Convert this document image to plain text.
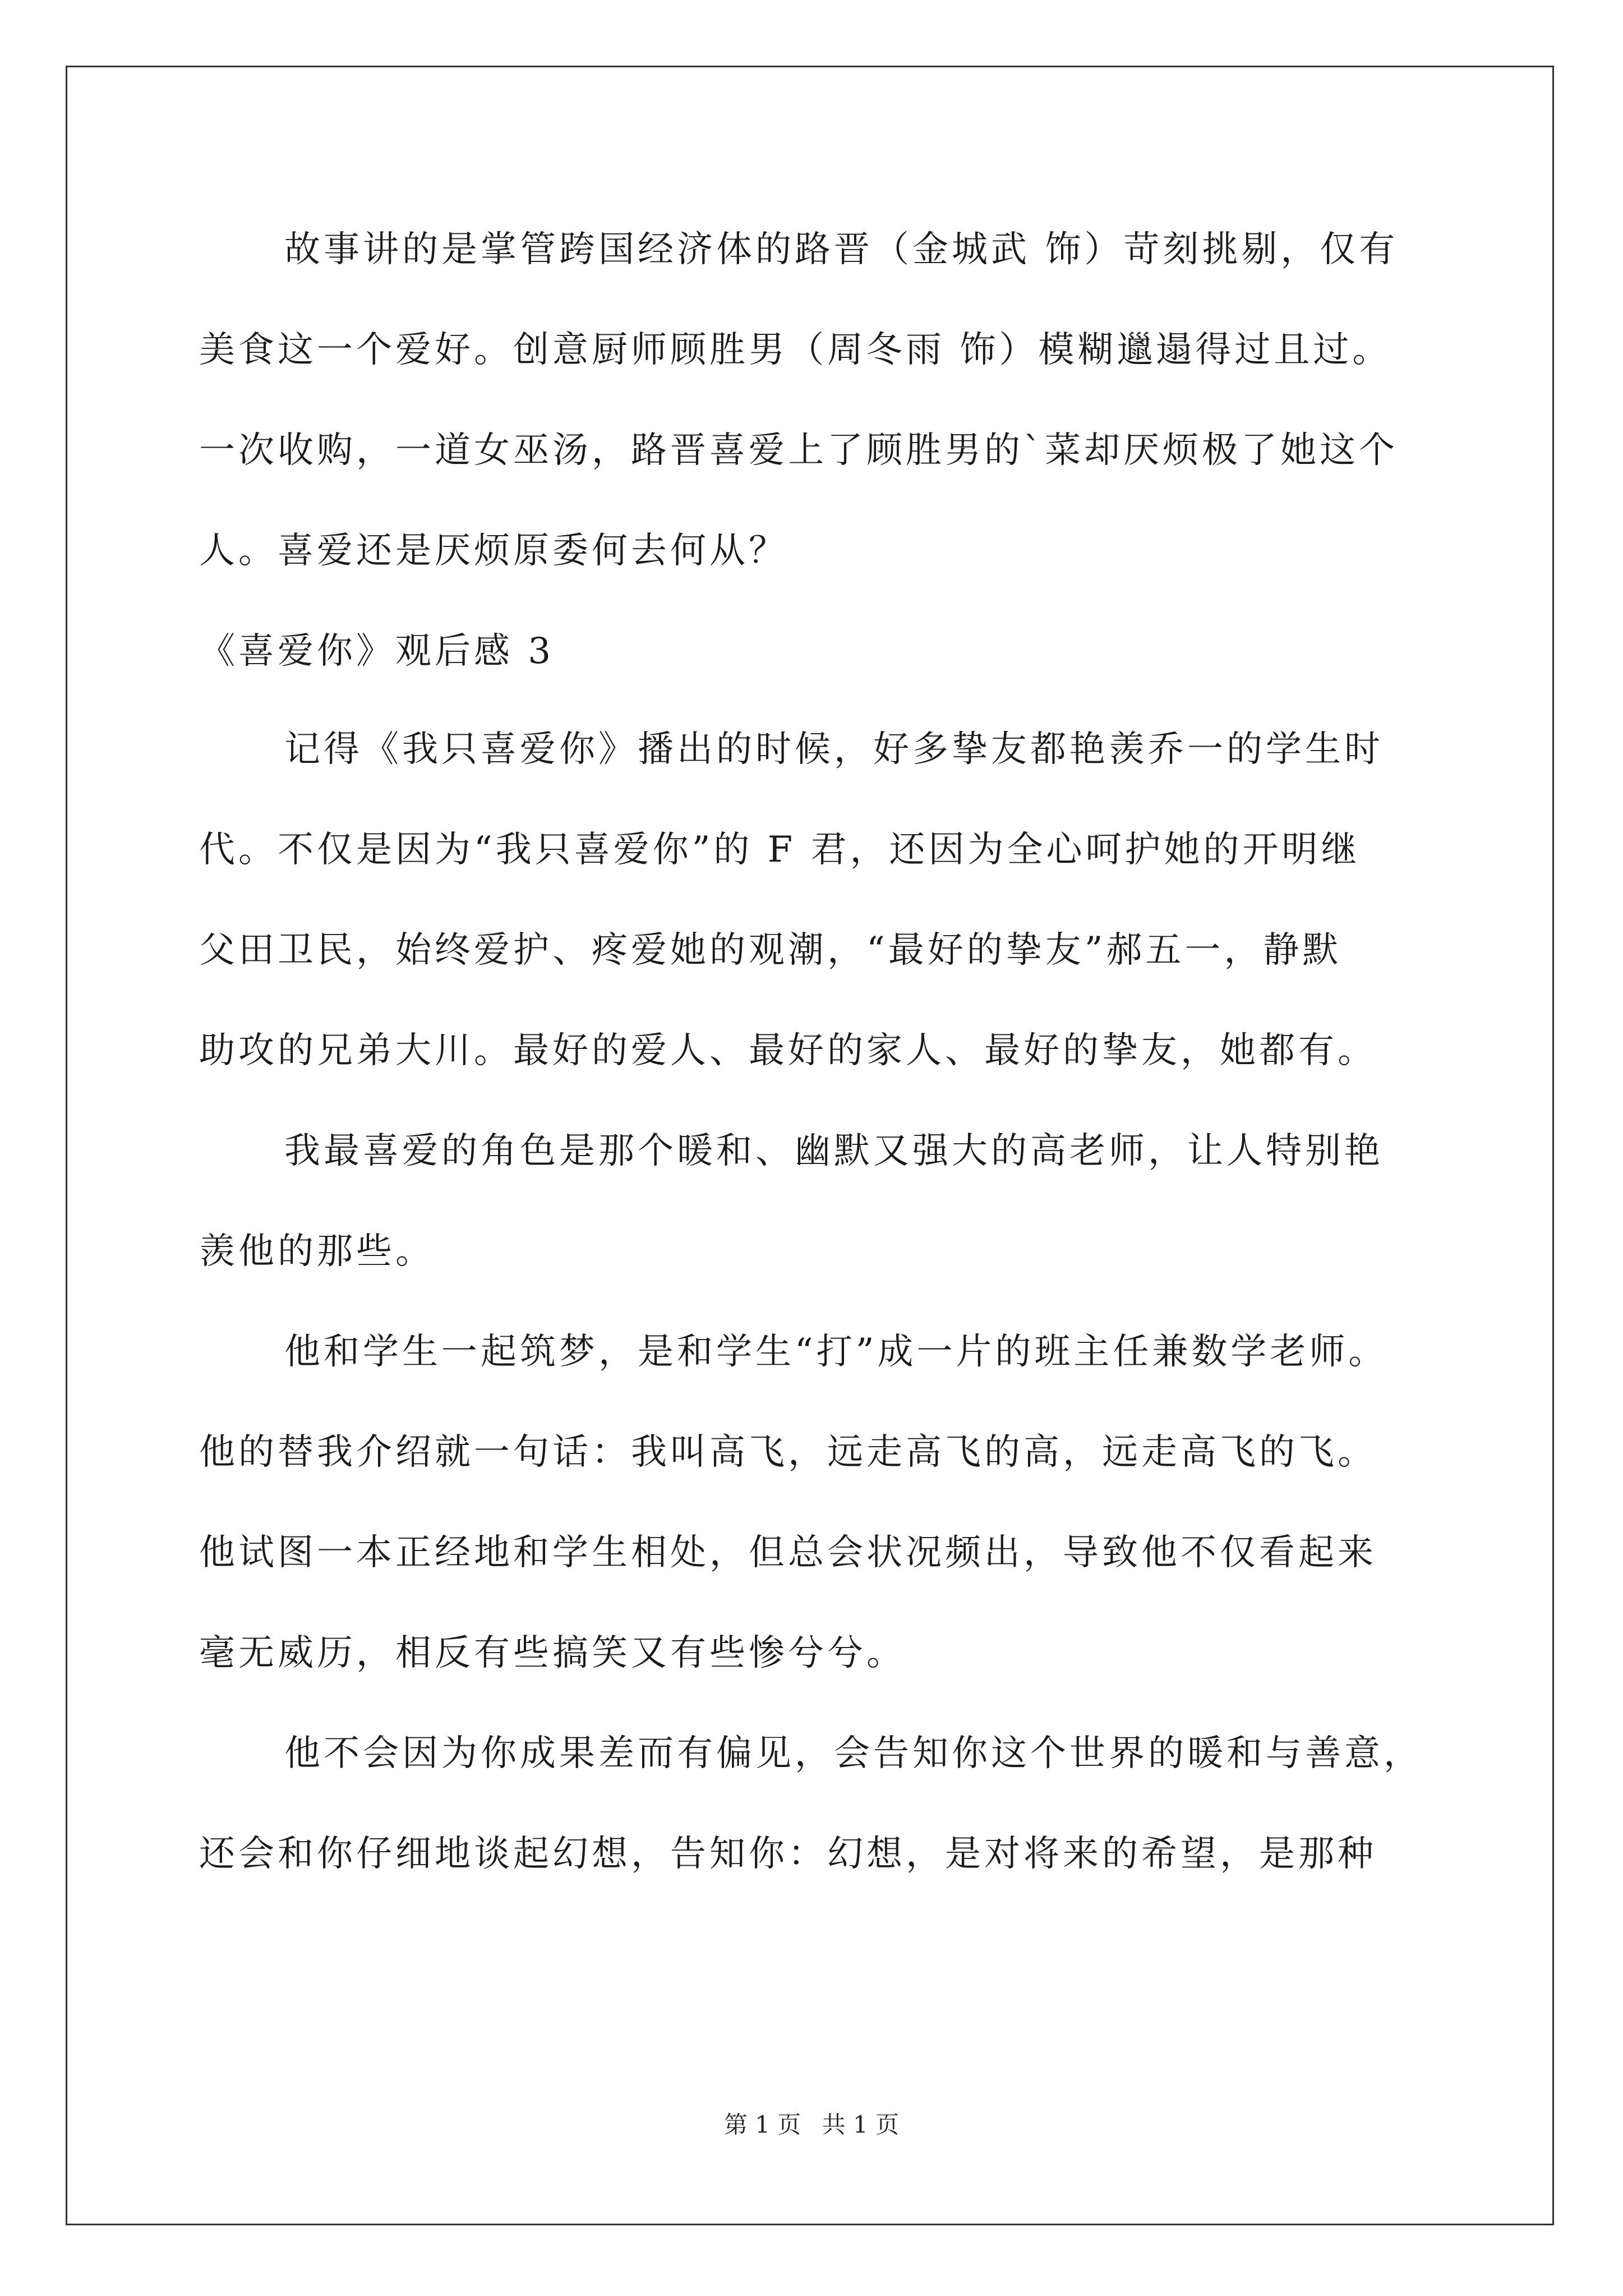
故事讲的是掌管跨国经济体的路晋（金城武 饰）苛刻挑剔，仅有
美食这一个爱好。创意厨师顾胜男（周冬雨 饰）模糊邋遢得过且过。
一次收购，一道女巫汤，路晋喜爱上了顾胜男的`菜却厌烦极了她这个
人。喜爱还是厌烦原委何去何从？
《喜爱你》观后感 3
记得《我只喜爱你》播出的时候，好多挚友都艳羡乔一的学生时
代。不仅是因为“我只喜爱你”的 F 君，还因为全心呵护她的开明继
父田卫民，始终爱护、疼爱她的观潮，“最好的挚友”郝五一，静默
助攻的兄弟大川。最好的爱人、最好的家人、最好的挚友，她都有。
我最喜爱的角色是那个暖和、幽默又强大的高老师，让人特别艳
羡他的那些。
他和学生一起筑梦，是和学生“打”成一片的班主任兼数学老师。
他的替我介绍就一句话：我叫高飞，远走高飞的高，远走高飞的飞。
他试图一本正经地和学生相处，但总会状况频出，导致他不仅看起来
毫无威历，相反有些搞笑又有些惨兮兮。
他不会因为你成果差而有偏见，会告知你这个世界的暖和与善意，
还会和你仔细地谈起幻想，告知你：幻想，是对将来的希望，是那种
第 1 页 共 1 页
